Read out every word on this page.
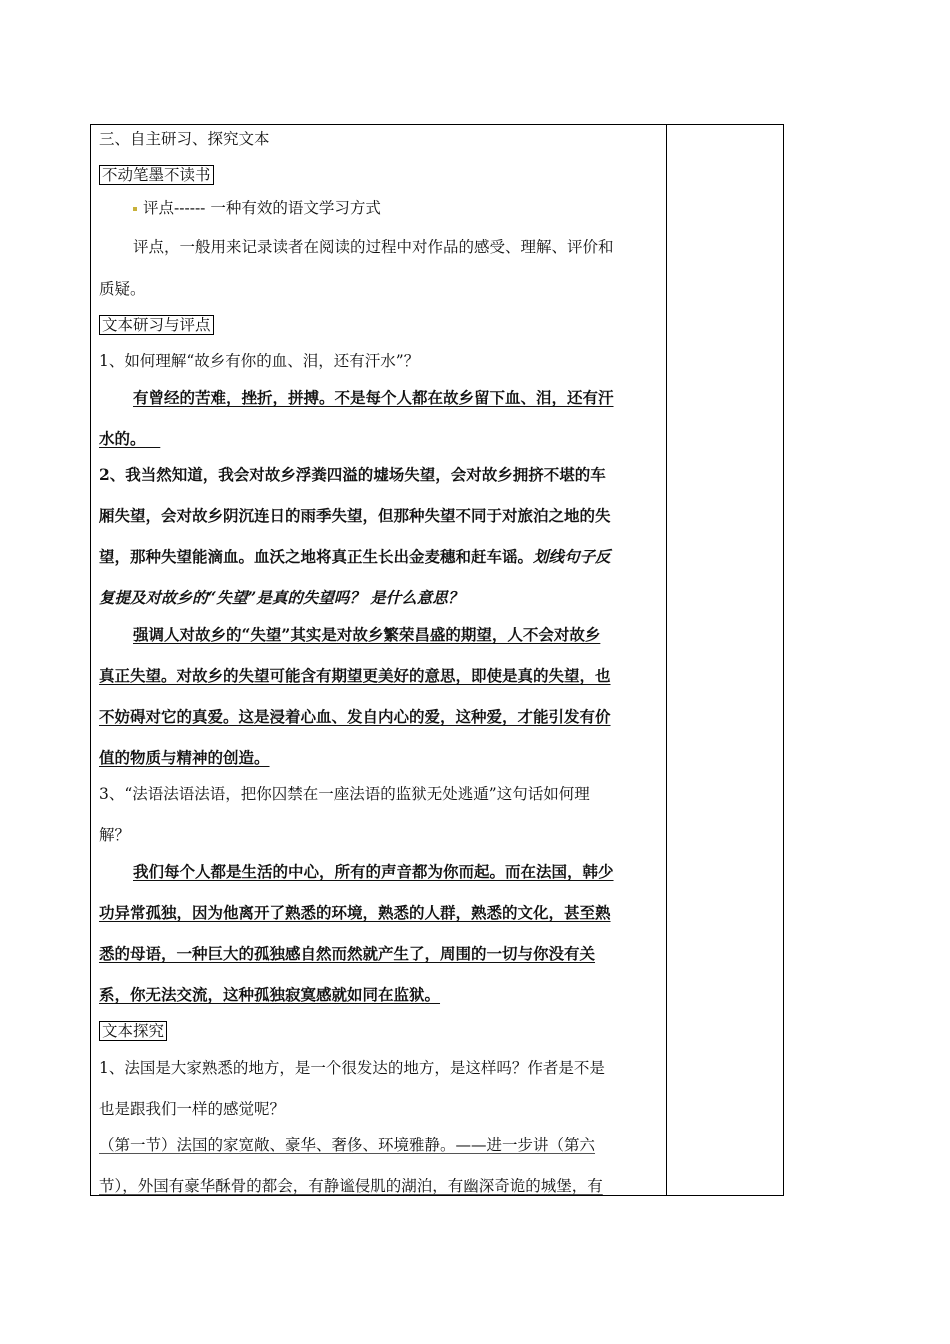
三、自主研习、探究文本
不动笔墨不读书
评点------ 一种有效的语文学习方式
评点，一般用来记录读者在阅读的过程中对作品的感受、理解、评价和
质疑。
文本研习与评点
1、如何理解“故乡有你的血、泪，还有汗水”？
有曾经的苦难，挫折，拼搏。不是每个人都在故乡留下血、泪，还有汗
水的。
2、我当然知道，我会对故乡浮粪四溢的墟场失望，会对故乡拥挤不堪的车
厢失望，会对故乡阴沉连日的雨季失望，但那种失望不同于对旅泊之地的失
望，那种失望能滴血。血沃之地将真正生长出金麦穗和赶车谣。划线句子反
复提及对故乡的“失望”是真的失望吗？ 是什么意思？
强调人对故乡的“失望”其实是对故乡繁荣昌盛的期望，人不会对故乡
真正失望。对故乡的失望可能含有期望更美好的意思，即使是真的失望，也
不妨碍对它的真爱。这是浸着心血、发自内心的爱，这种爱，才能引发有价
值的物质与精神的创造。
3、“法语法语法语，把你囚禁在一座法语的监狱无处逃遁”这句话如何理
解？
我们每个人都是生活的中心，所有的声音都为你而起。而在法国，韩少
功异常孤独，因为他离开了熟悉的环境，熟悉的人群，熟悉的文化，甚至熟
悉的母语，一种巨大的孤独感自然而然就产生了，周围的一切与你没有关
系，你无法交流，这种孤独寂寞感就如同在监狱。
文本探究
1、法国是大家熟悉的地方，是一个很发达的地方，是这样吗？作者是不是
也是跟我们一样的感觉呢？
（第一节）法国的家宽敞、豪华、奢侈、环境雅静。——进一步讲（第六
节），外国有豪华酥骨的都会，有静谧侵肌的湖泊，有幽深奇诡的城堡，有
